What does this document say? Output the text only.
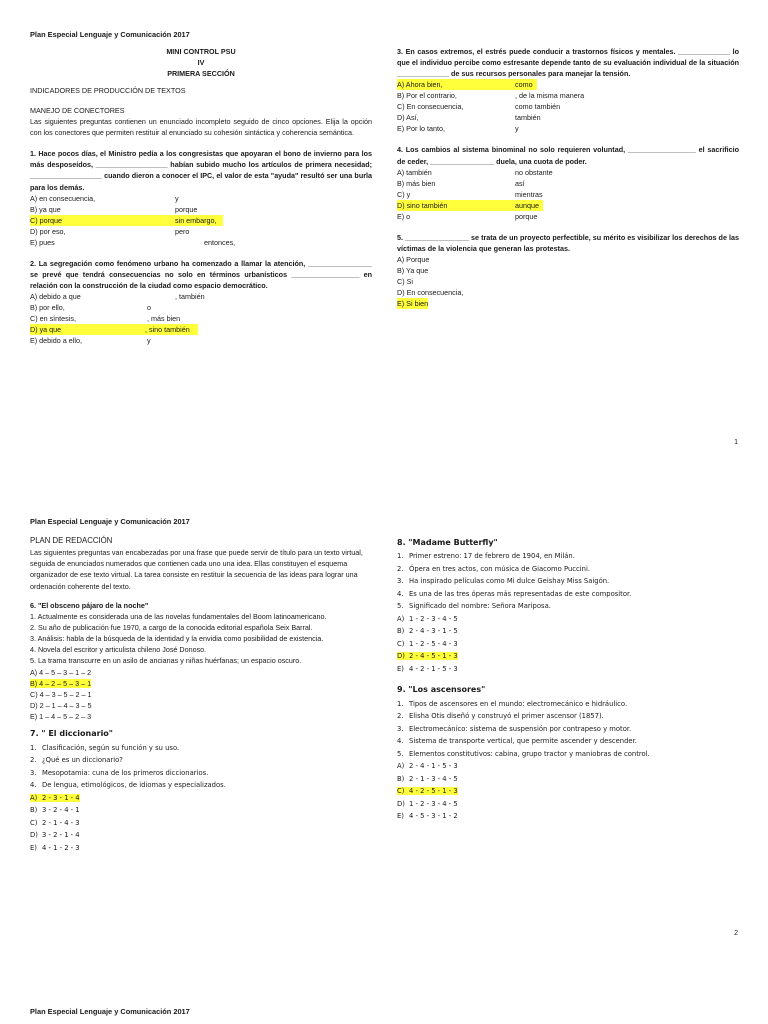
Plan Especial Lenguaje y Comunicación 2017
MINI CONTROL PSU
IV
PRIMERA SECCIÓN
INDICADORES DE PRODUCCIÓN DE TEXTOS
MANEJO DE CONECTORES
Las siguientes preguntas contienen un enunciado incompleto seguido de cinco opciones. Elija la opción con los conectores que permiten restituir al enunciado su cohesión sintáctica y coherencia semántica.
1. Hace pocos días, el Ministro pedía a los congresistas que apoyaran el bono de invierno para los más desposeídos, __________________ habían subido mucho los artículos de primera necesidad; __________________ cuando dieron a conocer el IPC, el valor de esta "ayuda" resultó ser una burla para los demás.
A) en consecuencia,	y
B) ya que	porque
C) porque	sin embargo,
D) por eso,	pero
E) pues	entonces,
2. La segregación como fenómeno urbano ha comenzado a llamar la atención, ________________ se prevé que tendrá consecuencias no solo en términos urbanísticos _________________ en relación con la construcción de la ciudad como espacio democrático.
A) debido a que	, también
B) por ello,	o
C) en síntesis,	, más bien
D) ya que	, sino también
E) debido a ello,	y
3. En casos extremos, el estrés puede conducir a trastornos físicos y mentales. _____________ lo que el individuo percibe como estresante depende tanto de su evaluación individual de la situación _____________ de sus recursos personales para manejar la tensión.
A) Ahora bien,	como
B) Por el contrario,	, de la misma manera
C) En consecuencia,	como también
D) Así,	también
E) Por lo tanto,	y
4. Los cambios al sistema binominal no solo requieren voluntad, _________________ el sacrificio de ceder, ________________ duela, una cuota de poder.
A) también	no obstante
B) más bien	así
C) y	mientras
D) sino también	aunque
E) o	porque
5. ________________ se trata de un proyecto perfectible, su mérito es visibilizar los derechos de las víctimas de la violencia que generan las protestas.
A) Porque
B) Ya que
C) Si
D) En consecuencia,
E) Si bien
1
Plan Especial Lenguaje y Comunicación 2017
PLAN DE REDACCIÓN
Las siguientes preguntas van encabezadas por una frase que puede servir de título para un texto virtual, seguida de enunciados numerados que contienen cada uno una idea. Ellas constituyen el esquema organizador de ese texto virtual. La tarea consiste en restituir la secuencia de las ideas para lograr una ordenación coherente del texto.
6. "El obsceno pájaro de la noche"
1. Actualmente es considerada una de las novelas fundamentales del Boom latinoamericano.
2. Su año de publicación fue 1970, a cargo de la conocida editorial española Seix Barral.
3. Análisis: habla de la búsqueda de la identidad y la envidia como posibilidad de existencia.
4. Novela del escritor y articulista chileno José Donoso.
5. La trama transcurre en un asilo de ancianas y niñas huérfanas; un espacio oscuro.
A) 4 – 5 – 3 – 1 – 2
B) 4 – 2 – 5 – 3 – 1
C) 4 – 3 – 5 – 2 – 1
D) 2 – 1 – 4 – 3 – 5
E) 1 – 4 – 5 – 2 – 3
7. " El diccionario"
1. Clasificación, según su función y su uso.
2. ¿Qué es un diccionario?
3. Mesopotamia: cuna de los primeros diccionarios.
4. De lengua, etimológicos, de idiomas y especializados.
A) 2 - 3 - 1 - 4
B) 3 - 2 - 4 - 1
C) 2 - 1 - 4 - 3
D) 3 - 2 - 1 - 4
E) 4 - 1 - 2 - 3
8. "Madame Butterfly"
1. Primer estreno: 17 de febrero de 1904, en Milán.
2. Ópera en tres actos, con música de Giacomo Puccini.
3. Ha inspirado películas como Mi dulce Geishay Miss Saigón.
4. Es una de las tres óperas más representadas de este compositor.
5. Significado del nombre: Señora Mariposa.
A) 1 - 2 - 3 - 4 - 5
B) 2 - 4 - 3 - 1 - 5
C) 1 - 2 - 5 - 4 - 3
D) 2 - 4 - 5 - 1 - 3
E) 4 - 2 - 1 - 5 - 3
9. "Los ascensores"
1. Tipos de ascensores en el mundo: electromecánico e hidráulico.
2. Elisha Otis diseñó y construyó el primer ascensor (1857).
3. Electromecánico: sistema de suspensión por contrapeso y motor.
4. Sistema de transporte vertical, que permite ascender y descender.
5. Elementos constitutivos: cabina, grupo tractor y maniobras de control.
A) 2 - 4 - 1 - 5 - 3
B) 2 - 1 - 3 - 4 - 5
C) 4 - 2 - 5 - 1 - 3
D) 1 - 2 - 3 - 4 - 5
E) 4 - 5 - 3 - 1 - 2
2
Plan Especial Lenguaje y Comunicación 2017
